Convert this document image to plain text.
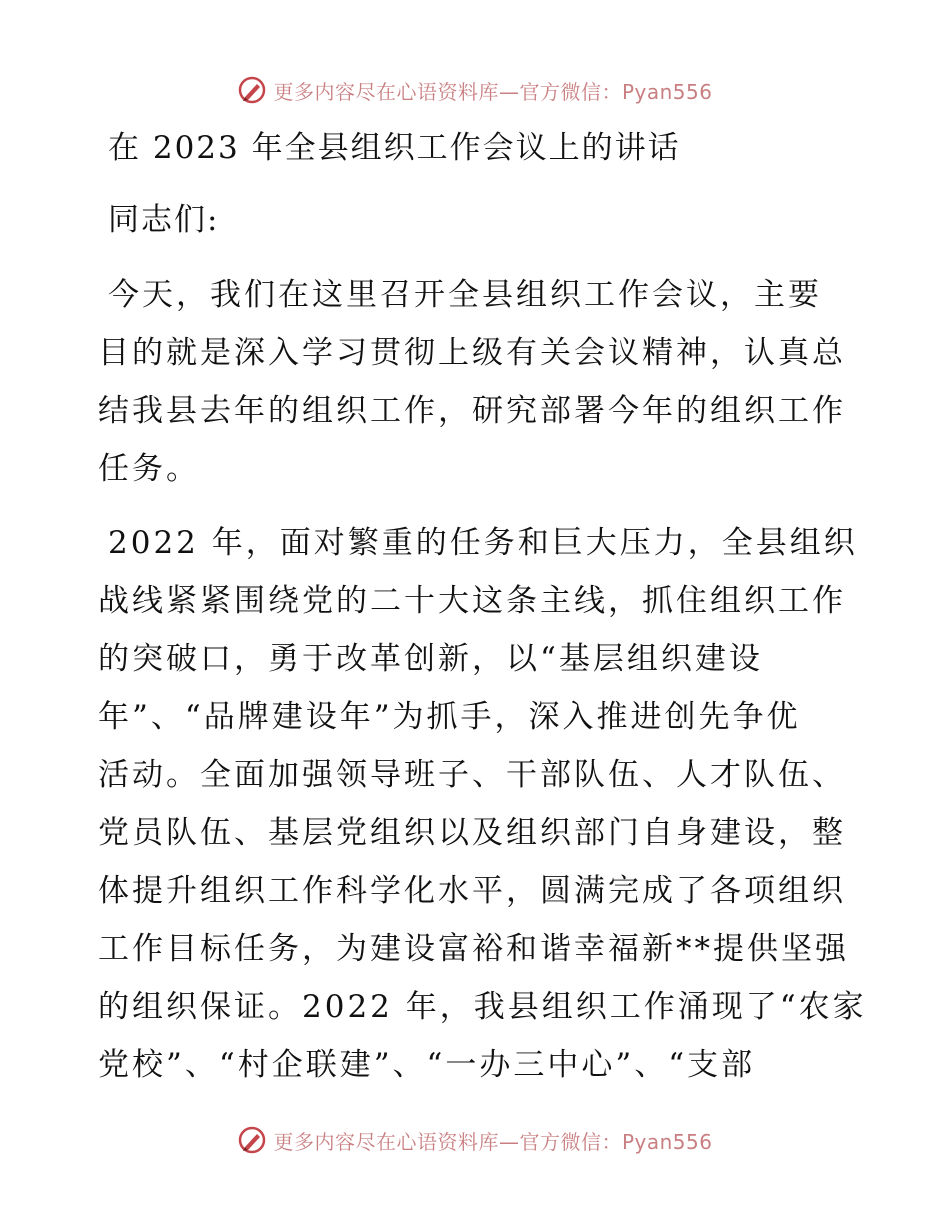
更多内容尽在心语资料库—官方微信：Pyan556
在 2023 年全县组织工作会议上的讲话
同志们:
今天，我们在这里召开全县组织工作会议，主要
目的就是深入学习贯彻上级有关会议精神，认真总
结我县去年的组织工作，研究部署今年的组织工作
任务。
2022 年，面对繁重的任务和巨大压力，全县组织
战线紧紧围绕党的二十大这条主线，抓住组织工作
的突破口，勇于改革创新，以“基层组织建设
年”、“品牌建设年”为抓手，深入推进创先争优
活动。全面加强领导班子、干部队伍、人才队伍、
党员队伍、基层党组织以及组织部门自身建设，整
体提升组织工作科学化水平，圆满完成了各项组织
工作目标任务，为建设富裕和谐幸福新**提供坚强
的组织保证。2022 年，我县组织工作涌现了“农家
党校”、“村企联建”、“一办三中心”、“支部
更多内容尽在心语资料库—官方微信：Pyan556
